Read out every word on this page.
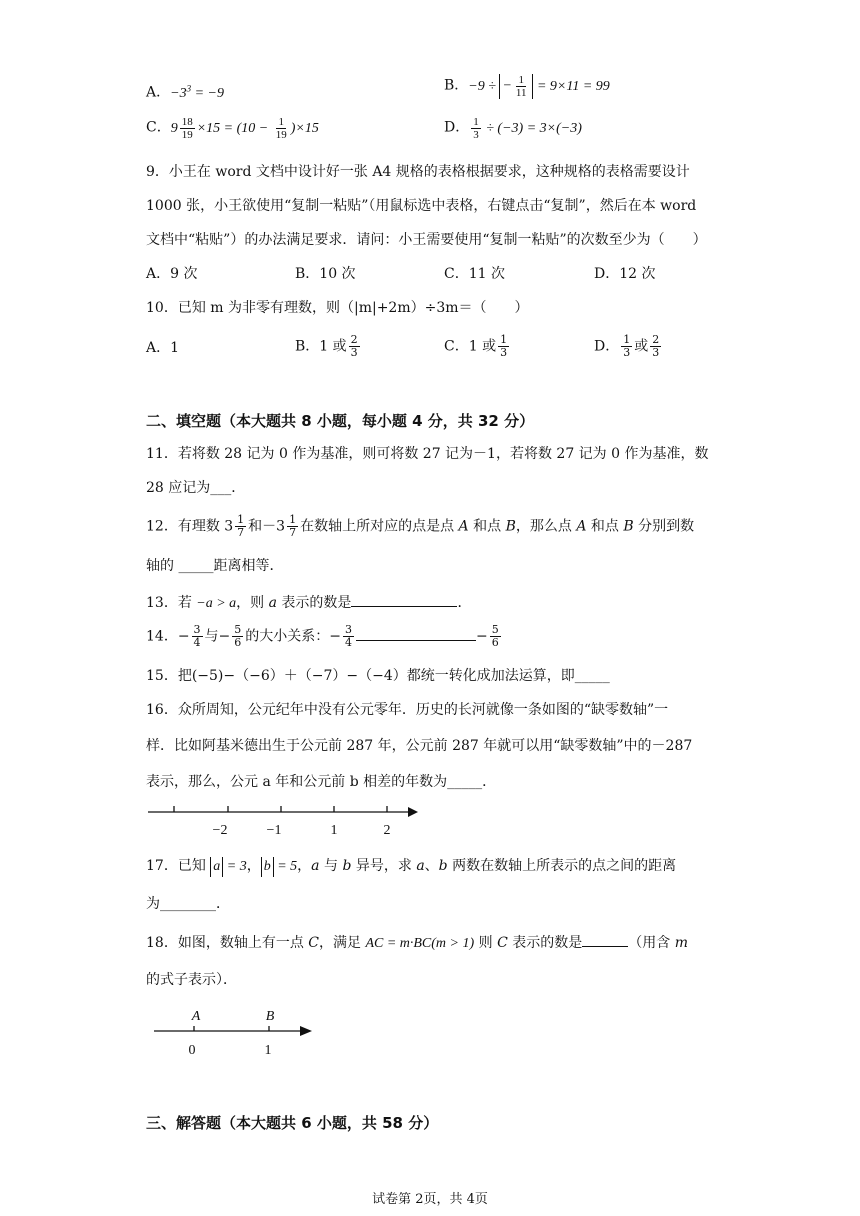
A．$-3^3 = -9$	B．−9 ÷ − $\frac{1}{11} = 9\times 11 = 99$
C．$9 \frac{18}{19} \times 15 = (10 - \frac{1}{19} )\times 15$	D． $\frac{1}{3} \div (-3) = 3\times(-3)$
9．小王在 word 文档中设计好一张 A4 规格的表格根据要求，这种规格的表格需要设计
1000 张，小王欲使用“复制一粘贴”（用鼠标选中表格，右键点击“复制”，然后在本 word
文档中“粘贴”）的办法满足要求．请问：小王需要使用“复制一粘贴”的次数至少为（　　）
A．9 次	B．10 次	C．11 次	D．12 次
10．已知 m 为非零有理数，则（|m|+2m）÷3m＝（　　）
A．1	B．1 或 $\frac{2}{3}$	C．1 或 $\frac{1}{3}$	D． $\frac{1}{3}$ 或 $\frac{2}{3}$
二、填空题（本大题共 8 小题，每小题 4 分，共 32 分）
11．若将数 28 记为 0 作为基准，则可将数 27 记为－1，若将数 27 记为 0 作为基准，数
28 应记为___．
12．有理数 $3 \frac{1}{7}$ 和$-3 \frac{1}{7}$ 在数轴上所对应的点是点 A 和点 B，那么点 A 和点 B 分别到数
轴的 _____距离相等．
13．若 −a > a，则 a 表示的数是	．
14．− $\frac{3}{4}$ 与− $\frac{5}{6}$ 的大小关系：− $\frac{3}{4}$	− $\frac{5}{6}$
15．把(−5)−（−6）＋（−7）−（−4）都统一转化成加法运算，即_____
16．众所周知，公元纪年中没有公元零年．历史的长河就像一条如图的“缺零数轴”一
样．比如阿基米德出生于公元前 287 年，公元前 287 年就可以用“缺零数轴”中的－287
表示，那么，公元 a 年和公元前 b 相差的年数为_____．
−2	−1	1	2
17．已知 a = 3， b = 5，a 与 b 异号，求 a、b 两数在数轴上所表示的点之间的距离
为________．
18．如图，数轴上有一点 C，满足 AC = m·BC(m > 1) 则 C 表示的数是	（用含 m
的式子表示）．
A	B
0	1
三、解答题（本大题共 6 小题，共 58 分）
试卷第 2页，共 4页
